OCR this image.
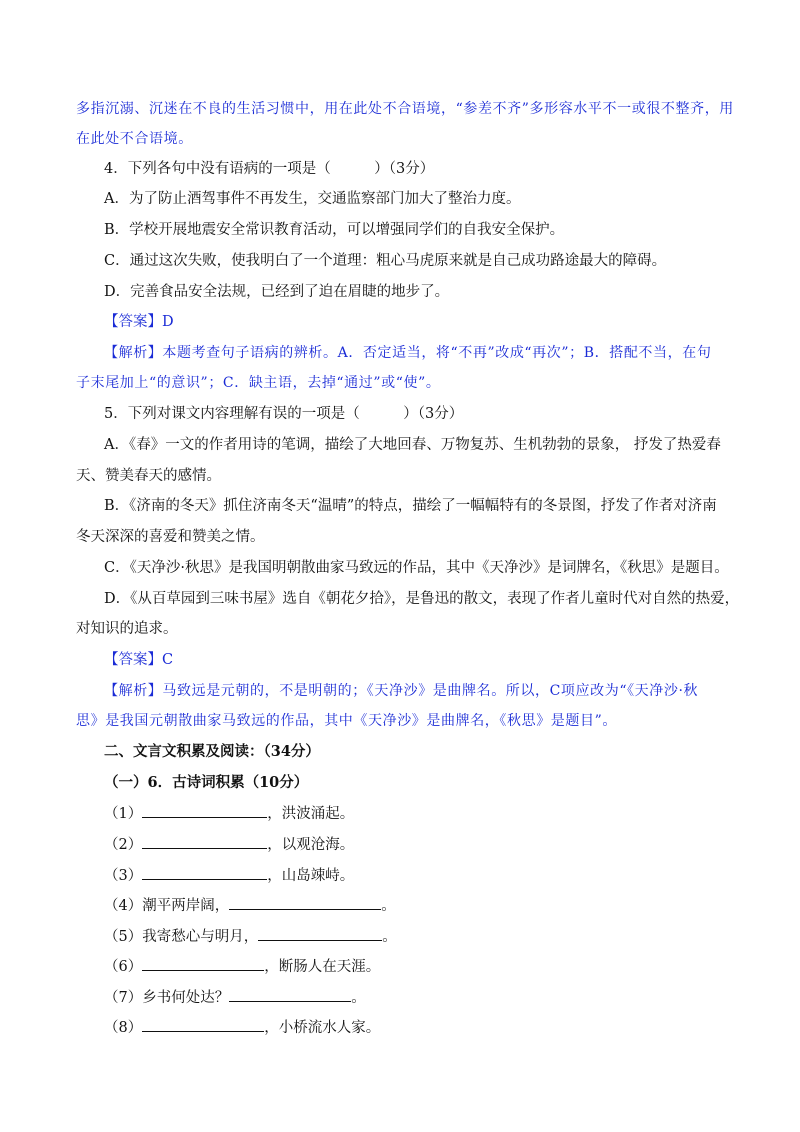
多指沉溺、沉迷在不良的生活习惯中，用在此处不合语境，“参差不齐”多形容水平不一或很不整齐，用
在此处不合语境。
4．下列各句中没有语病的一项是（　　　）（3分）
A．为了防止酒驾事件不再发生，交通监察部门加大了整治力度。
B．学校开展地震安全常识教育活动，可以增强同学们的自我安全保护。
C．通过这次失败，使我明白了一个道理：粗心马虎原来就是自己成功路途最大的障碍。
D．完善食品安全法规，已经到了迫在眉睫的地步了。
【答案】D
【解析】本题考查句子语病的辨析。A．否定适当，将“不再”改成“再次”；B．搭配不当，在句
子末尾加上“的意识”；C．缺主语，去掉“通过”或“使”。
5．下列对课文内容理解有误的一项是（　　　）（3分）
A．《春》一文的作者用诗的笔调，描绘了大地回春、万物复苏、生机勃勃的景象， 抒发了热爱春
天、赞美春天的感情。
B．《济南的冬天》抓住济南冬天“温晴”的特点，描绘了一幅幅特有的冬景图，抒发了作者对济南
冬天深深的喜爱和赞美之情。
C．《天净沙·秋思》是我国明朝散曲家马致远的作品，其中《天净沙》是词牌名，《秋思》是题目。
D．《从百草园到三味书屋》选自《朝花夕拾》，是鲁迅的散文，表现了作者儿童时代对自然的热爱，
对知识的追求。
【答案】C
【解析】马致远是元朝的，不是明朝的；《天净沙》是曲牌名。所以，C项应改为“《天净沙·秋
思》是我国元朝散曲家马致远的作品，其中《天净沙》是曲牌名，《秋思》是题目”。
二、文言文积累及阅读：（34分）
（一）6．古诗词积累（10分）
（1）	，洪波涌起。
（2）	，以观沧海。
（3）	，山岛竦峙。
（4）潮平两岸阔，	。
（5）我寄愁心与明月，	。
（6）	，断肠人在天涯。
（7）乡书何处达？	。
（8）	，小桥流水人家。
